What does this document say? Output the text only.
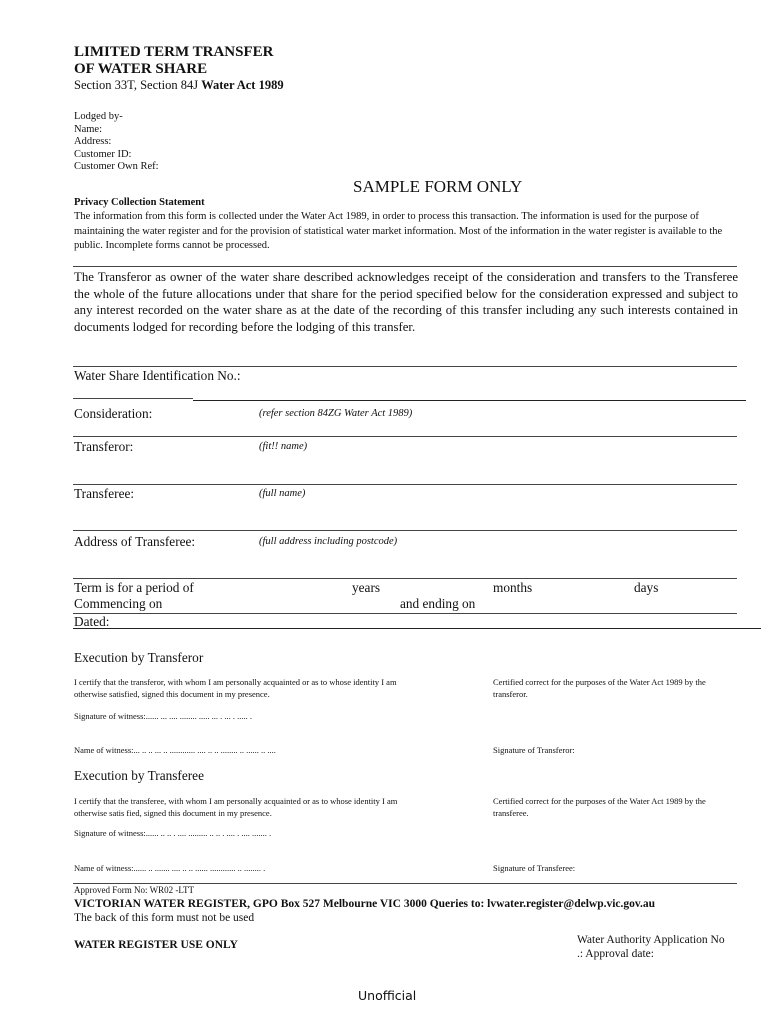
LIMITED TERM TRANSFER
OF WATER SHARE
Section 33T, Section 84J Water Act 1989
Lodged by-
Name:
Address:
Customer ID:
Customer Own Ref:
SAMPLE FORM ONLY
Privacy Collection Statement
The information from this form is collected under the Water Act 1989, in order to process this transaction. The information is used for the purpose of maintaining the water register and for the provision of statistical water market information. Most of the information in the water register is available to the public. Incomplete forms cannot be processed.
The Transferor as owner of the water share described acknowledges receipt of the consideration and transfers to the Transferee the whole of the future allocations under that share for the period specified below for the consideration expressed and subject to any interest recorded on the water share as at the date of the recording of this transfer including any such interests contained in documents lodged for recording before the lodging of this transfer.
Water Share Identification No.:
Consideration:	(refer section 84ZG Water Act 1989)
Transferor:	(fit!! name)
Transferee:	(full name)
Address of Transferee:	(full address including postcode)
Term is for a period of	years	months	days
Commencing on	and ending on
Dated:
Execution by Transferor
I certify that the transferor, with whom I am personally acquainted or as to whose identity I am otherwise satisfied, signed this document in my presence.
Certified correct for the purposes of the Water Act 1989 by the transferor.
Signature of witness:...... ... .... ........ ..... ... . ... . ..... .
Name of witness:... .. .. ... .. ............ .... .. .. ........ .. ...... .. ....	Signature of Transferor:
Execution by Transferee
I certify that the transferee, with whom I am personally acquainted or as to whose identity I am otherwise satis fied, signed this document in my presence.
Certified correct for the purposes of the Water Act 1989 by the transferee.
Signature of witness:...... .. .. . .... ......... .. .. . .... . .... ....... .
Name of witness:...... .. ....... .... .. .. ...... ............ .. ........ .	Signature of Transferee:
Approved Form No: WR02 -LTT
VICTORIAN WATER REGISTER, GPO Box 527 Melbourne VIC 3000 Queries to: lvwater.register@delwp.vic.gov.au
The back of this form must not be used
WATER REGISTER USE ONLY	Water Authority Application No
.: Approval date:
Unofficial
